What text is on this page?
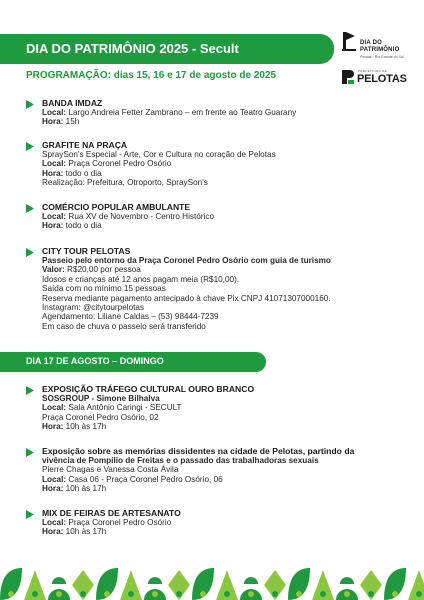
DIA DO PATRIMÔNIO 2025 - Secult	DIA DO
PATRIMÔNIO
Pelotas · Rio Grande do Sul
PREFEITURA DE
PELOTAS
PROGRAMAÇÃO: dias 15, 16 e 17 de agosto de 2025
BANDA IMDAZ
Local: Largo Andreia Fetter Zambrano – em frente ao Teatro Guarany
Hora: 15h
GRAFITE NA PRAÇA
SpraySon's Especial - Arte, Cor e Cultura no coração de Pelotas
Local: Praça Coronel Pedro Osório
Hora: todo o dia
Realização: Prefeitura, Otroporto, SpraySon's
COMÉRCIO POPULAR AMBULANTE
Local: Rua XV de Novembro - Centro Histórico
Hora: todo o dia
CITY TOUR PELOTAS
Passeio pelo entorno da Praça Coronel Pedro Osório com guia de turismo
Valor: R$20,00 por pessoa
Idosos e crianças até 12 anos pagam meia (R$10,00).
Saída com no mínimo 15 pessoas
Reserva mediante pagamento antecipado à chave Pix CNPJ 41071307000160.
Instagram: @citytourpelotas
Agendamento: Liliane Caldas – (53) 98444-7239
Em caso de chuva o passeio será transferido
DIA 17 DE AGOSTO – DOMINGO
EXPOSIÇÃO TRÁFEGO CULTURAL OURO BRANCO
SOSGROUP - Simone Bilhalva
Local: Sala Antônio Caringi - SECULT
Praça Coronel Pedro Osório, 02
Hora: 10h às 17h
Exposição sobre as memórias dissidentes na cidade de Pelotas, partindo da
vivência de Pompílio de Freitas e o passado das trabalhadoras sexuais
Pierre Chagas e Vanessa Costa Ávila
Local: Casa 06 - Praça Coronel Pedro Osório, 06
Hora: 10h às 17h
MIX DE FEIRAS DE ARTESANATO
Local: Praça Coronel Pedro Osório
Hora: 10h às 17h
